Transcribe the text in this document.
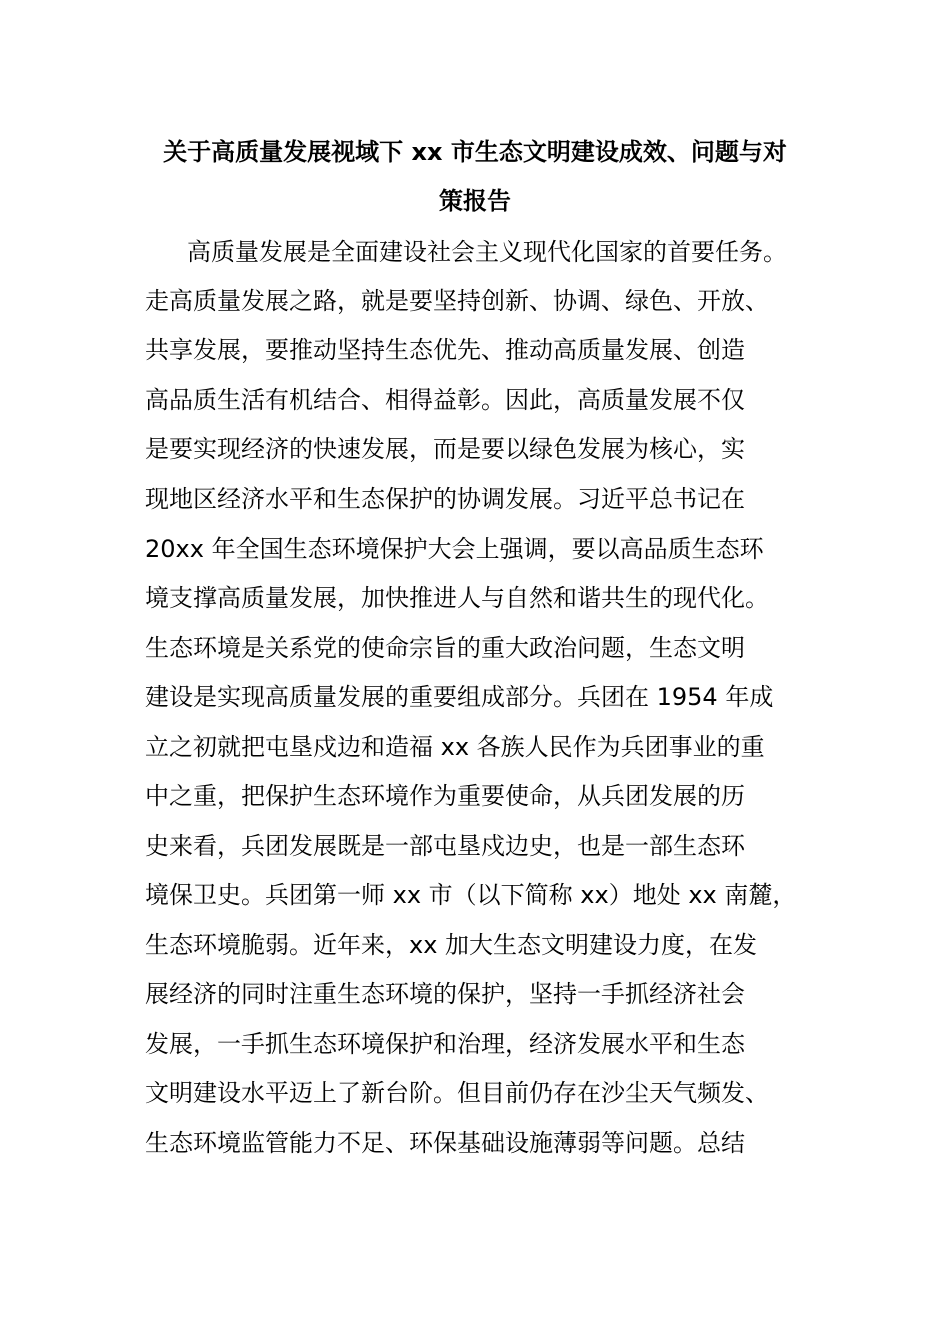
关于高质量发展视域下 xx 市生态文明建设成效、问题与对
策报告
高质量发展是全面建设社会主义现代化国家的首要任务。
走高质量发展之路，就是要坚持创新、协调、绿色、开放、
共享发展，要推动坚持生态优先、推动高质量发展、创造
高品质生活有机结合、相得益彰。因此，高质量发展不仅
是要实现经济的快速发展，而是要以绿色发展为核心，实
现地区经济水平和生态保护的协调发展。习近平总书记在
20xx 年全国生态环境保护大会上强调，要以高品质生态环
境支撑高质量发展，加快推进人与自然和谐共生的现代化。
生态环境是关系党的使命宗旨的重大政治问题，生态文明
建设是实现高质量发展的重要组成部分。兵团在 1954 年成
立之初就把屯垦戍边和造福 xx 各族人民作为兵团事业的重
中之重，把保护生态环境作为重要使命，从兵团发展的历
史来看，兵团发展既是一部屯垦戍边史，也是一部生态环
境保卫史。兵团第一师 xx 市（以下简称 xx）地处 xx 南麓，
生态环境脆弱。近年来，xx 加大生态文明建设力度，在发
展经济的同时注重生态环境的保护，坚持一手抓经济社会
发展，一手抓生态环境保护和治理，经济发展水平和生态
文明建设水平迈上了新台阶。但目前仍存在沙尘天气频发、
生态环境监管能力不足、环保基础设施薄弱等问题。总结
